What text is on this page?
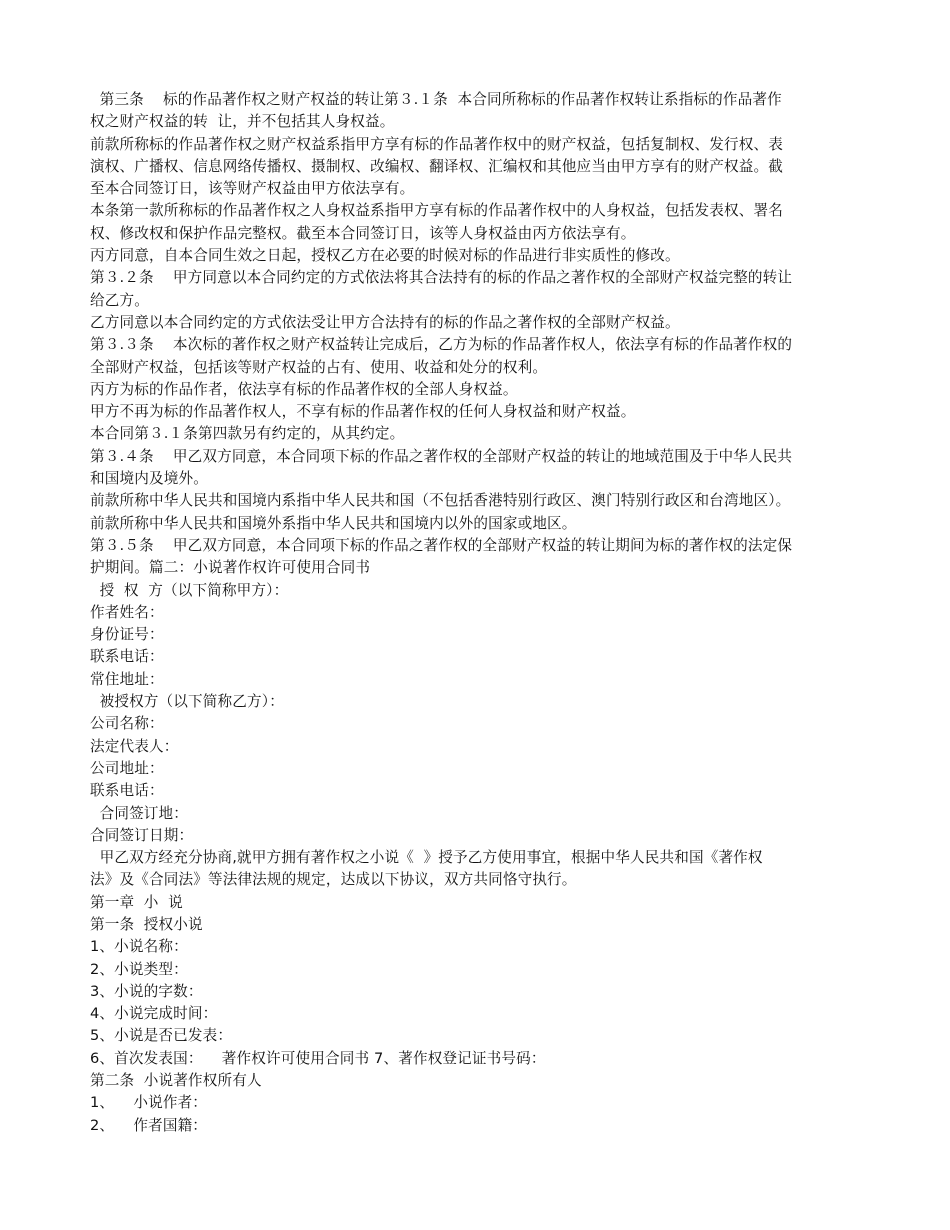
第三条    标的作品著作权之财产权益的转让第３.１条  本合同所称标的作品著作权转让系指标的作品著作
权之财产权益的转  让，并不包括其人身权益。
前款所称标的作品著作权之财产权益系指甲方享有标的作品著作权中的财产权益，包括复制权、发行权、表
演权、广播权、信息网络传播权、摄制权、改编权、翻译权、汇编权和其他应当由甲方享有的财产权益。截
至本合同签订日，该等财产权益由甲方依法享有。
本条第一款所称标的作品著作权之人身权益系指甲方享有标的作品著作权中的人身权益，包括发表权、署名
权、修改权和保护作品完整权。截至本合同签订日，该等人身权益由丙方依法享有。
丙方同意，自本合同生效之日起，授权乙方在必要的时候对标的作品进行非实质性的修改。
第３.２条    甲方同意以本合同约定的方式依法将其合法持有的标的作品之著作权的全部财产权益完整的转让
给乙方。
乙方同意以本合同约定的方式依法受让甲方合法持有的标的作品之著作权的全部财产权益。
第３.３条    本次标的著作权之财产权益转让完成后，乙方为标的作品著作权人，依法享有标的作品著作权的
全部财产权益，包括该等财产权益的占有、使用、收益和处分的权利。
丙方为标的作品作者，依法享有标的作品著作权的全部人身权益。
甲方不再为标的作品著作权人，不享有标的作品著作权的任何人身权益和财产权益。
本合同第３.１条第四款另有约定的，从其约定。
第３.４条    甲乙双方同意，本合同项下标的作品之著作权的全部财产权益的转让的地域范围及于中华人民共
和国境内及境外。
前款所称中华人民共和国境内系指中华人民共和国（不包括香港特别行政区、澳门特别行政区和台湾地区）。
前款所称中华人民共和国境外系指中华人民共和国境内以外的国家或地区。
第３.５条    甲乙双方同意，本合同项下标的作品之著作权的全部财产权益的转让期间为标的著作权的法定保
护期间。篇二：小说著作权许可使用合同书
授  权  方（以下简称甲方）：
作者姓名：
身份证号：
联系电话：
常住地址：
被授权方（以下简称乙方）：
公司名称：
法定代表人：
公司地址：
联系电话：
合同签订地：
合同签订日期：
甲乙双方经充分协商,就甲方拥有著作权之小说《  》授予乙方使用事宜，根据中华人民共和国《著作权
法》及《合同法》等法律法规的规定，达成以下协议，双方共同恪守执行。
第一章  小  说
第一条  授权小说
1、小说名称：
2、小说类型：
3、小说的字数：
4、小说完成时间：
5、小说是否已发表：
6、首次发表国：    著作权许可使用合同书 7、著作权登记证书号码：
第二条  小说著作权所有人
1、    小说作者：
2、    作者国籍：
